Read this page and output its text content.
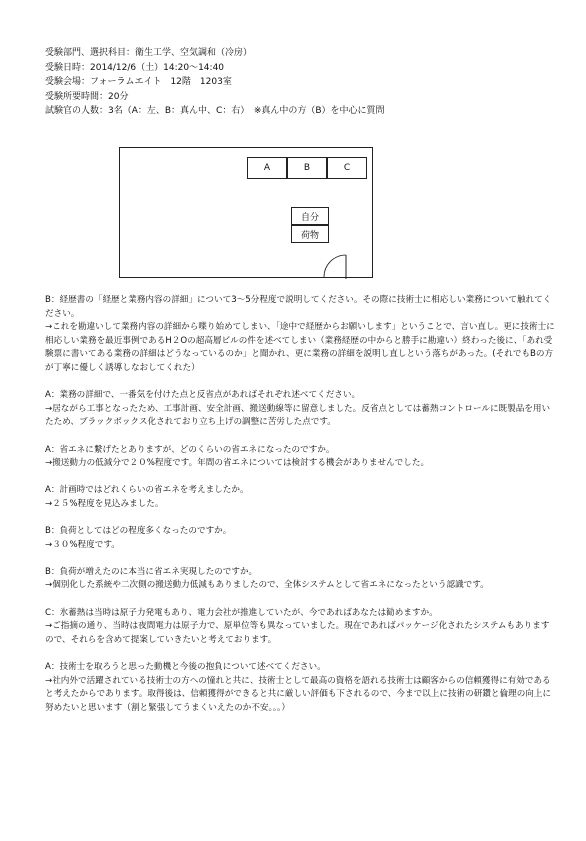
受験部門、選択科目：衛生工学、空気調和（冷房）
受験日時：2014/12/6（土）14:20～14:40
受験会場：フォーラムエイト　12階　1203室
受験所要時間：20分
試験官の人数：3名（A：左、B：真ん中、C：右）　※真ん中の方（B）を中心に質問
A	B	C
自分
荷物

B：経歴書の「経歴と業務内容の詳細」について3～5分程度で説明してください。その際に技術士に相応しい業務について触れてください。

→これを勘違いして業務内容の詳細から喋り始めてしまい、「途中で経歴からお願いします」ということで、言い直し。更に技術士に相応しい業務を最近事例であるH２Oの超高層ビルの件を述べてしまい（業務経歴の中からと勝手に勘違い）終わった後に、「あれ受験票に書いてある業務の詳細はどうなっているのか」と聞かれ、更に業務の詳細を説明し直しという落ちがあった。(それでもBの方が丁寧に優しく誘導しなおしてくれた）

A：業務の詳細で、一番気を付けた点と反省点があればそれぞれ述べてください。

→居ながら工事となったため、工事計画、安全計画、搬送動線等に留意しました。反省点としては蓄熱コントロールに既製品を用いたため、ブラックボックス化されており立ち上げの調整に苦労した点です。

A：省エネに繋げたとありますが、どのくらいの省エネになったのですか。

→搬送動力の低減分で２０%程度です。年間の省エネについては検討する機会がありませんでした。

A：計画時ではどれくらいの省エネを考えましたか。

→２５%程度を見込みました。

B：負荷としてはどの程度多くなったのですか。

→３０%程度です。

B：負荷が増えたのに本当に省エネ実現したのですか。

→個別化した系統や二次側の搬送動力低減もありましたので、全体システムとして省エネになったという認識です。

C：氷蓄熱は当時は原子力発電もあり、電力会社が推進していたが、今であればあなたは勧めますか。

→ご指摘の通り、当時は夜間電力は原子力で、原単位等も異なっていました。現在であればパッケージ化されたシステムもありますので、それらを含めて提案していきたいと考えております。

A：技術士を取ろうと思った動機と今後の抱負について述べてください。

→社内外で活躍されている技術士の方への憧れと共に、技術士として最高の資格を語れる技術士は顧客からの信頼獲得に有効であると考えたからであります。取得後は、信頼獲得ができると共に厳しい評価も下されるので、今まで以上に技術の研鑽と倫理の向上に努めたいと思います（割と緊張してうまくいえたのか不安。。。）
